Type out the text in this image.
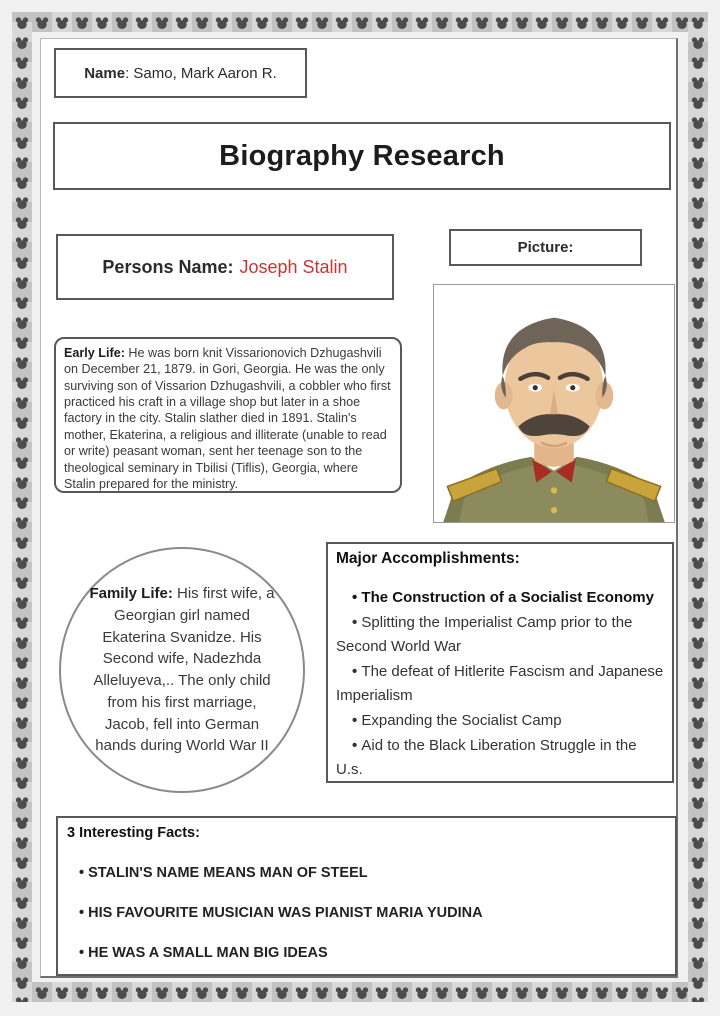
Name: Samo, Mark Aaron R.
Biography Research
Persons Name: Joseph Stalin
Picture:
Early Life: He was born knit Vissarionovich Dzhugashvili on December 21, 1879. in Gori, Georgia. He was the only surviving son of Vissarion Dzhugashvili, a cobbler who first practiced his craft in a village shop but later in a shoe factory in the city. Stalin slather died in 1891. Stalin's mother, Ekaterina, a religious and illiterate (unable to read or write) peasant woman, sent her teenage son to the theological seminary in Tbilisi (Tiflis), Georgia, where Stalin prepared for the ministry.
Family Life: His first wife, a Georgian girl named Ekaterina Svanidze. His Second wife, Nadezhda Alleluyeva,.. The only child from his first marriage, Jacob, fell into German hands during World War II
Major Accomplishments:

• The Construction of a Socialist Economy

• Splitting the Imperialist Camp prior to the Second World War

• The defeat of Hitlerite Fascism and Japanese Imperialism

• Expanding the Socialist Camp

• Aid to the Black Liberation Struggle in the U.s.

3 Interesting Facts:

• STALIN'S NAME MEANS MAN OF STEEL

• HIS FAVOURITE MUSICIAN WAS PIANIST MARIA YUDINA

• HE WAS A SMALL MAN BIG IDEAS
